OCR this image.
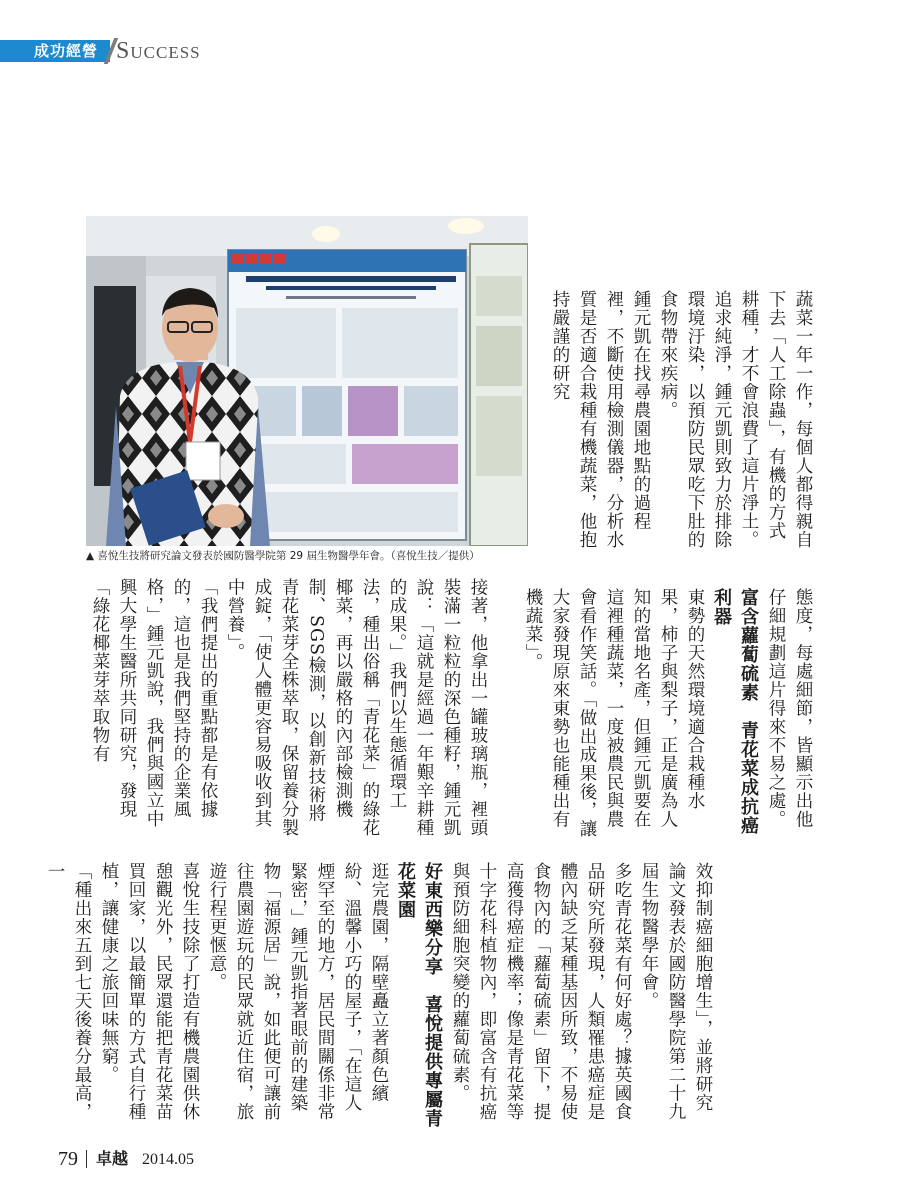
成功經營 SUCCESS
▲ 喜悅生技將研究論文發表於國防醫學院第 29 屆生物醫學年會。（喜悅生技／提供）

蔬菜一年一作，每個人都得親自下去「人工除蟲」，有機的方式耕種，才不會浪費了這片淨土。

追求純淨，鍾元凱則致力於排除環境汙染，以預防民眾吃下肚的食物帶來疾病。

鍾元凱在找尋農園地點的過程裡，不斷使用檢測儀器，分析水質是否適合栽種有機蔬菜，他抱持嚴謹的研究

態度，每處細節，皆顯示出他仔細規劃這片得來不易之處。

富含蘿蔔硫素　青花菜成抗癌利器

東勢的天然環境適合栽種水果，柿子與梨子，正是廣為人知的當地名產，但鍾元凱要在這裡種蔬菜，一度被農民與農會看作笑話。「做出成果後，讓大家發現原來東勢也能種出有機蔬菜」。

接著，他拿出一罐玻璃瓶，裡頭裝滿一粒粒的深色種籽，鍾元凱說：「這就是經過一年艱辛耕種的成果。」我們以生態循環工法，種出俗稱「青花菜」的綠花椰菜，再以嚴格的內部檢測機制、SGS檢測，以創新技術將青花菜芽全株萃取，保留養分製成錠，「使人體更容易吸收到其中營養」。

「我們提出的重點都是有依據的，這也是我們堅持的企業風格，」鍾元凱說，我們與國立中興大學生醫所共同研究，發現「綠花椰菜芽萃取物有

效抑制癌細胞增生」，並將研究論文發表於國防醫學院第二十九屆生物醫學年會。

多吃青花菜有何好處？據英國食品研究所發現，人類罹患癌症是體內缺乏某種基因所致，不易使食物內的「蘿蔔硫素」留下，提高獲得癌症機率；像是青花菜等十字花科植物內，即富含有抗癌與預防細胞突變的蘿蔔硫素。

好東西樂分享　喜悅提供專屬青花菜園

逛完農園，隔壁矗立著顏色繽紛、溫馨小巧的屋子，「在這人煙罕至的地方，居民間關係非常緊密，」鍾元凱指著眼前的建築物「福源居」說，如此便可讓前往農園遊玩的民眾就近住宿，旅遊行程更愜意。

喜悅生技除了打造有機農園供休憩觀光外，民眾還能把青花菜苗買回家，以最簡單的方式自行種植，讓健康之旅回味無窮。

「種出來五到七天後養分最高，一

79 卓越 2014.05
